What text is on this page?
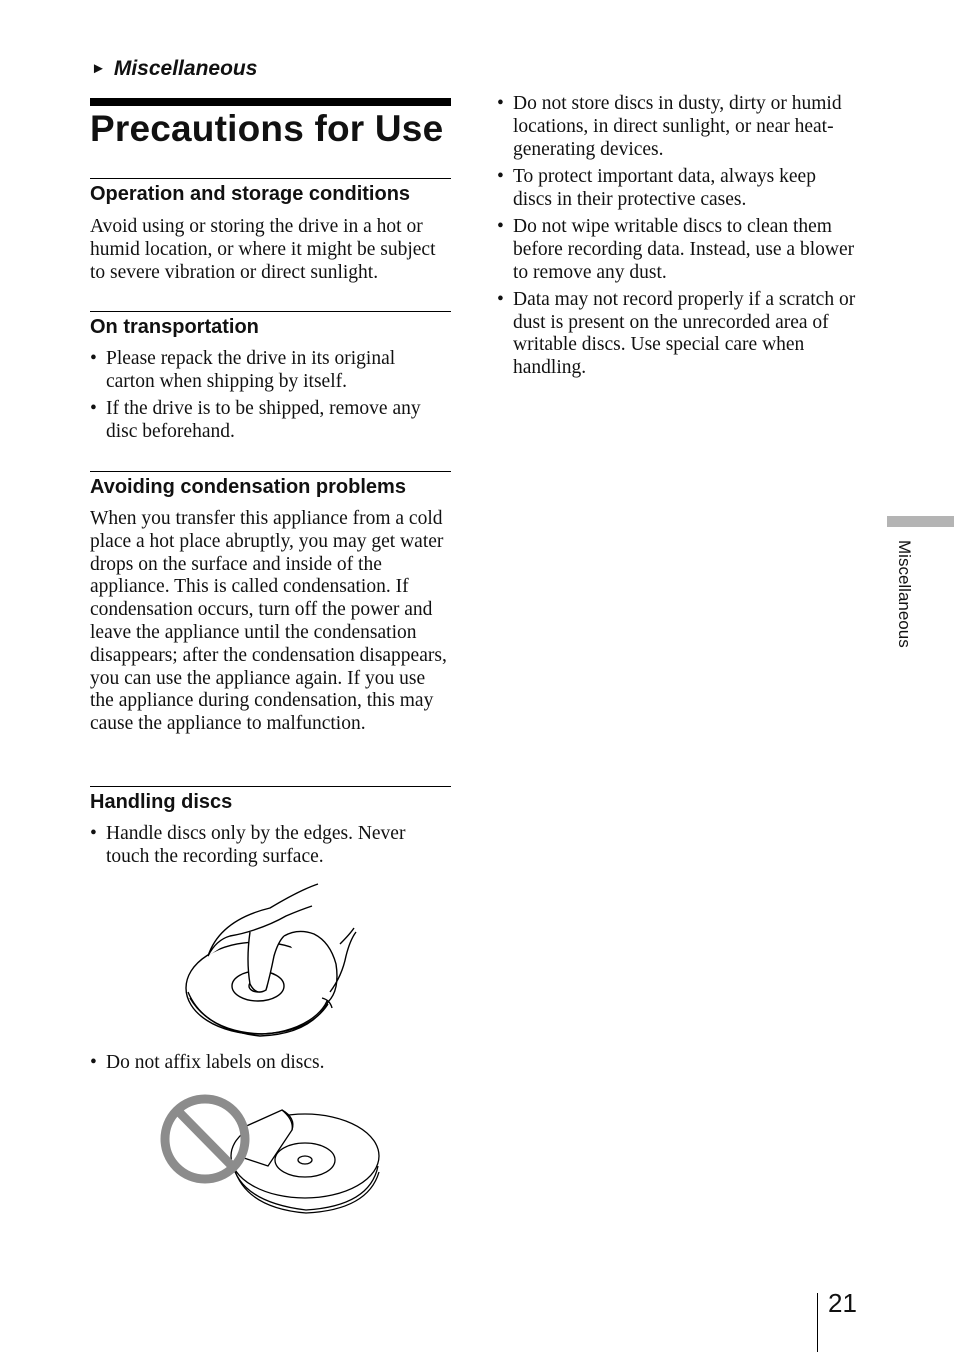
► Miscellaneous
Precautions for Use
Operation and storage conditions

Avoid using or storing the drive in a hot or humid location, or where it might be subject to severe vibration or direct sunlight.

On transportation
• Please repack the drive in its original carton when shipping by itself.
• If the drive is to be shipped, remove any disc beforehand.
Avoiding condensation problems

When you transfer this appliance from a cold place a hot place abruptly, you may get water drops on the surface and inside of the appliance. This is called condensation. If condensation occurs, turn off the power and leave the appliance until the condensation disappears; after the condensation disappears, you can use the appliance again. If you use the appliance during condensation, this may cause the appliance to malfunction.

Handling discs
• Handle discs only by the edges. Never touch the recording surface.
• Do not affix labels on discs.
• Do not store discs in dusty, dirty or humid locations, in direct sunlight, or near heat-generating devices.
• To protect important data, always keep discs in their protective cases.
• Do not wipe writable discs to clean them before recording data. Instead, use a blower to remove any dust.
• Data may not record properly if a scratch or dust is present on the unrecorded area of writable discs. Use special care when handling.
Miscellaneous
21
